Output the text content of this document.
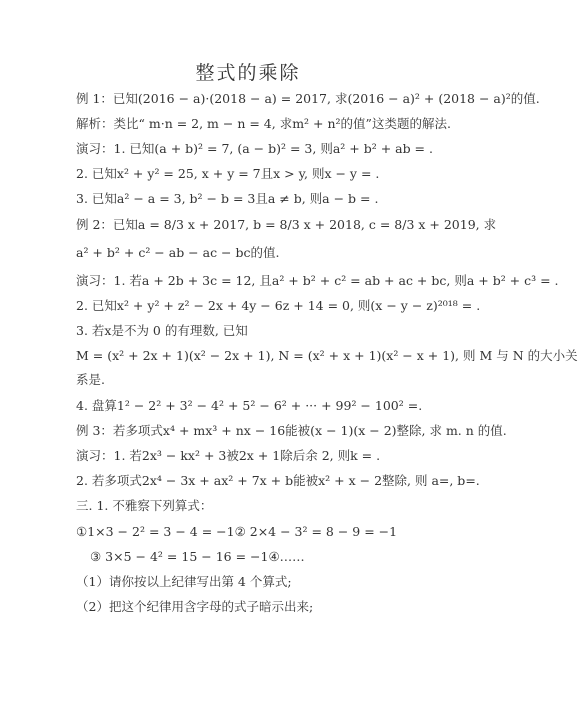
整式的乘除
例 1：已知(2016 − a)·(2018 − a) = 2017, 求(2016 − a)² + (2018 − a)²的值.
解析：类比“ m·n = 2, m − n = 4, 求m² + n²的值”这类题的解法.
演习：1. 已知(a + b)² = 7, (a − b)² = 3, 则a² + b² + ab = .
2. 已知x² + y² = 25, x + y = 7且x > y, 则x − y = .
3. 已知a² − a = 3, b² − b = 3且a ≠ b, 则a − b = .
例 2：已知a = 8/3 x + 2017, b = 8/3 x + 2018, c = 8/3 x + 2019, 求
a² + b² + c² − ab − ac − bc的值.
演习：1. 若a + 2b + 3c = 12, 且a² + b² + c² = ab + ac + bc, 则a + b² + c³ = .
2. 已知x² + y² + z² − 2x + 4y − 6z + 14 = 0, 则(x − y − z)²⁰¹⁸ = .
3. 若x是不为 0 的有理数, 已知
M = (x² + 2x + 1)(x² − 2x + 1), N = (x² + x + 1)(x² − x + 1), 则 M 与 N 的大小关
系是.
4. 盘算1² − 2² + 3² − 4² + 5² − 6² + ··· + 99² − 100² =.
例 3：若多项式x⁴ + mx³ + nx − 16能被(x − 1)(x − 2)整除, 求 m. n 的值.
演习：1. 若2x³ − kx² + 3被2x + 1除后余 2, 则k = .
2. 若多项式2x⁴ − 3x + ax² + 7x + b能被x² + x − 2整除, 则 a=, b=.
三. 1. 不雅察下列算式：
①1×3 − 2² = 3 − 4 = −1② 2×4 − 3² = 8 − 9 = −1
③ 3×5 − 4² = 15 − 16 = −1④……
（1）请你按以上纪律写出第 4 个算式;
（2）把这个纪律用含字母的式子暗示出来;
